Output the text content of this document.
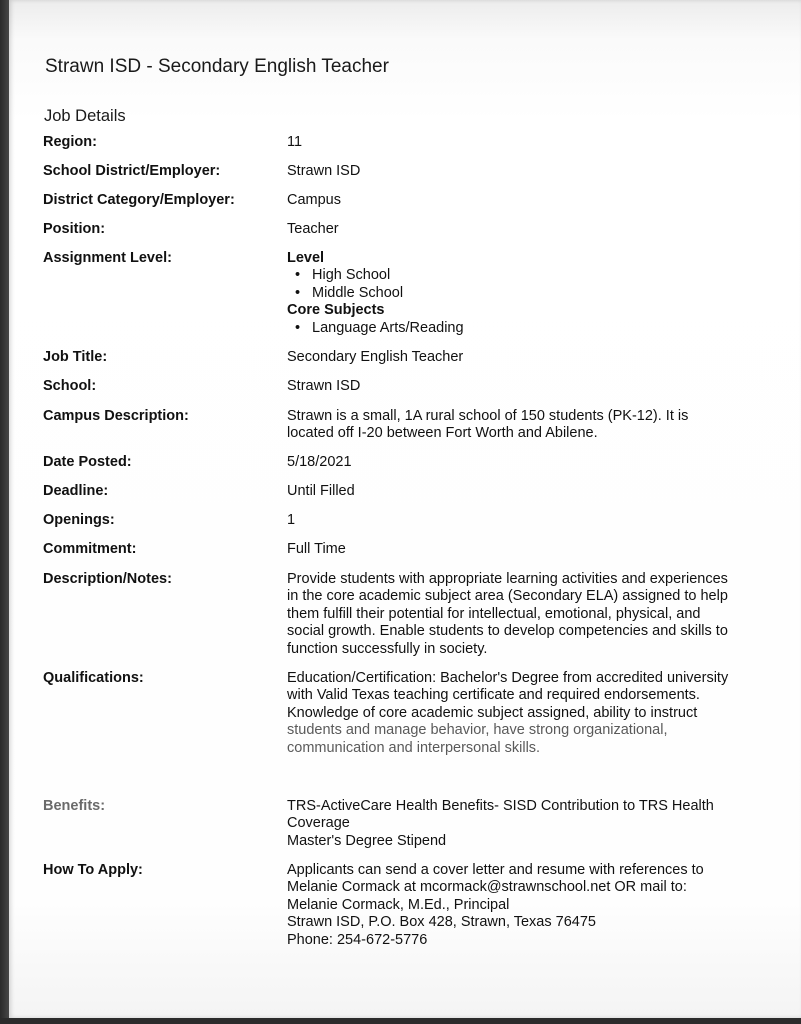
Strawn ISD - Secondary English Teacher
Job Details
Region:	11
School District/Employer:	Strawn ISD
District Category/Employer:	Campus
Position:	Teacher
Assignment Level:	Level
• High School
• Middle School
Core Subjects
• Language Arts/Reading
Job Title:	Secondary English Teacher
School:	Strawn ISD
Campus Description:	Strawn is a small, 1A rural school of 150 students (PK-12). It is
located off I-20 between Fort Worth and Abilene.
Date Posted:	5/18/2021
Deadline:	Until Filled
Openings:	1
Commitment:	Full Time
Description/Notes:	Provide students with appropriate learning activities and experiences
in the core academic subject area (Secondary ELA) assigned to help
them fulfill their potential for intellectual, emotional, physical, and
social growth. Enable students to develop competencies and skills to
function successfully in society.
Qualifications:	Education/Certification: Bachelor's Degree from accredited university
with Valid Texas teaching certificate and required endorsements.
Knowledge of core academic subject assigned, ability to instruct
students and manage behavior, have strong organizational,
communication and interpersonal skills.
Benefits:	TRS-ActiveCare Health Benefits- SISD Contribution to TRS Health
Coverage
Master's Degree Stipend
How To Apply:	Applicants can send a cover letter and resume with references to
Melanie Cormack at mcormack@strawnschool.net OR mail to:
Melanie Cormack, M.Ed., Principal
Strawn ISD, P.O. Box 428, Strawn, Texas 76475
Phone: 254-672-5776
